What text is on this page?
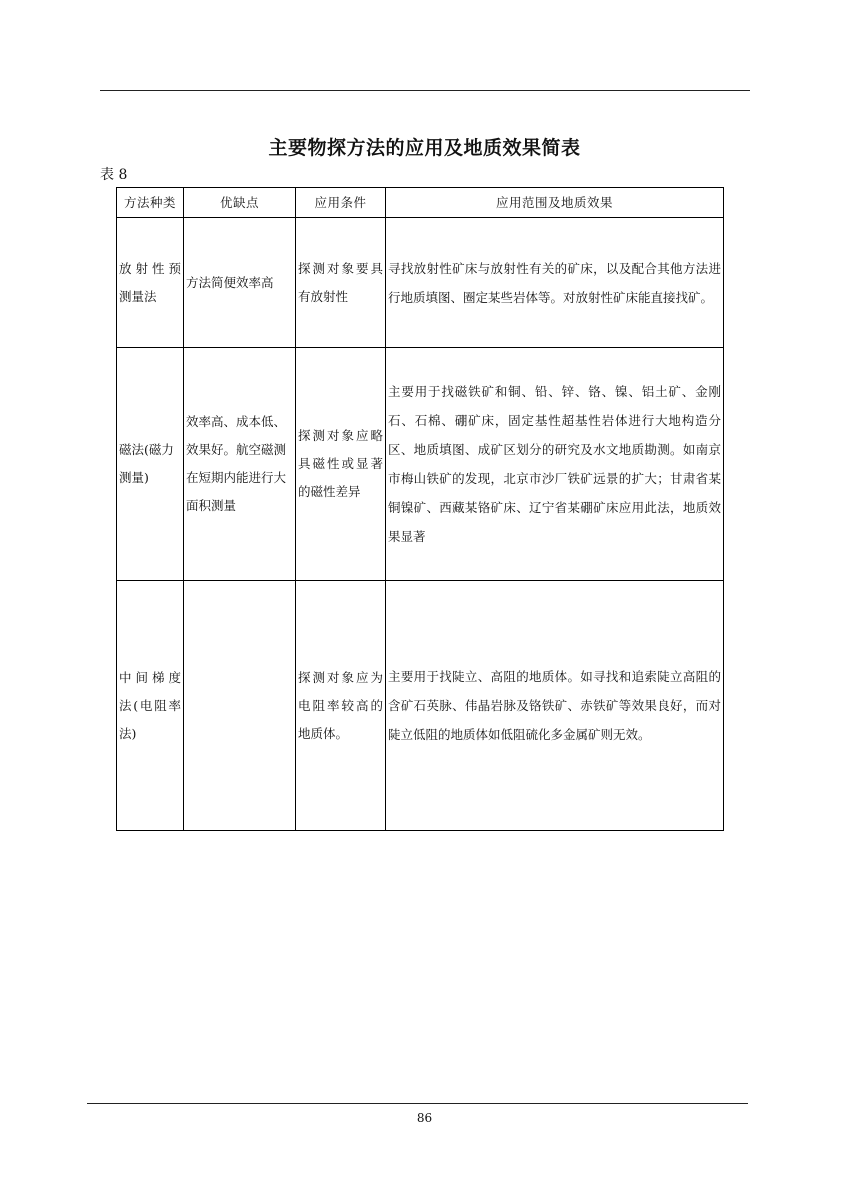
主要物探方法的应用及地质效果简表
表 8
方法种类	优缺点	应用条件	应用范围及地质效果
放射性预测量法	方法简便效率高	探测对象要具有放射性	寻找放射性矿床与放射性有关的矿床，以及配合其他方法进行地质填图、圈定某些岩体等。对放射性矿床能直接找矿。
磁法(磁力测量)	效率高、成本低、效果好。航空磁测在短期内能进行大面积测量	探测对象应略具磁性或显著的磁性差异	主要用于找磁铁矿和铜、铅、锌、铬、镍、铝土矿、金刚石、石棉、硼矿床，固定基性超基性岩体进行大地构造分区、地质填图、成矿区划分的研究及水文地质勘测。如南京市梅山铁矿的发现，北京市沙厂铁矿远景的扩大；甘肃省某铜镍矿、西藏某铬矿床、辽宁省某硼矿床应用此法，地质效果显著
中间梯度法(电阻率法)		探测对象应为电阻率较高的地质体。	主要用于找陡立、高阻的地质体。如寻找和追索陡立高阻的含矿石英脉、伟晶岩脉及铬铁矿、赤铁矿等效果良好，而对陡立低阻的地质体如低阻硫化多金属矿则无效。
86
